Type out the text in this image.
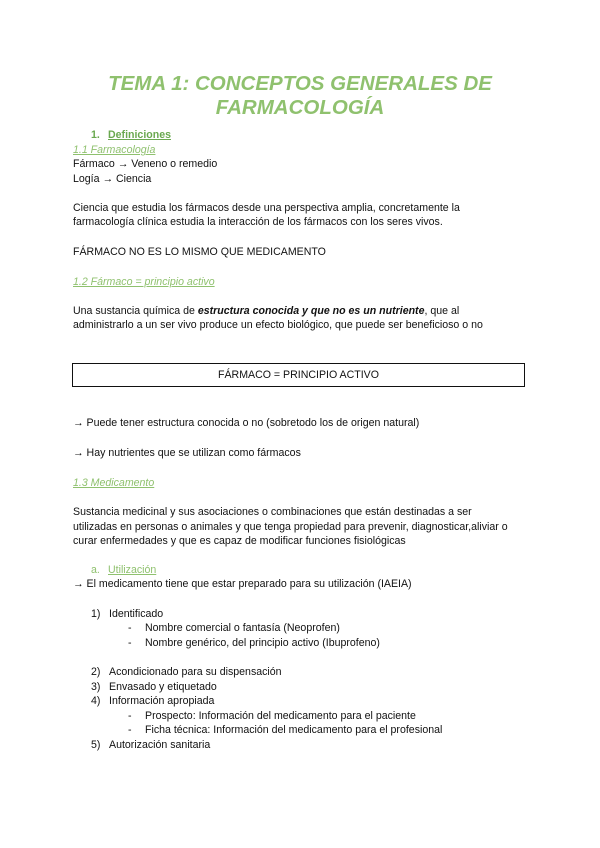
TEMA 1: CONCEPTOS GENERALES DE
FARMACOLOGÍA
1. Definiciones
1.1 Farmacología
Fármaco → Veneno o remedio
Logía → Ciencia
Ciencia que estudia los fármacos desde una perspectiva amplia, concretamente la
farmacología clínica estudia la interacción de los fármacos con los seres vivos.
FÁRMACO NO ES LO MISMO QUE MEDICAMENTO
1.2 Fármaco = principio activo
Una sustancia química de estructura conocida y que no es un nutriente, que al
administrarlo a un ser vivo produce un efecto biológico, que puede ser beneficioso o no
FÁRMACO = PRINCIPIO ACTIVO
→ Puede tener estructura conocida o no (sobretodo los de origen natural)
→ Hay nutrientes que se utilizan como fármacos
1.3 Medicamento
Sustancia medicinal y sus asociaciones o combinaciones que están destinadas a ser
utilizadas en personas o animales y que tenga propiedad para prevenir, diagnosticar,aliviar o
curar enfermedades y que es capaz de modificar funciones fisiológicas
a. Utilización
→ El medicamento tiene que estar preparado para su utilización (IAEIA)
1) Identificado
- Nombre comercial o fantasía (Neoprofen)
- Nombre genérico, del principio activo (Ibuprofeno)
2) Acondicionado para su dispensación
3) Envasado y etiquetado
4) Información apropiada
- Prospecto: Información del medicamento para el paciente
- Ficha técnica: Información del medicamento para el profesional
5) Autorización sanitaria
